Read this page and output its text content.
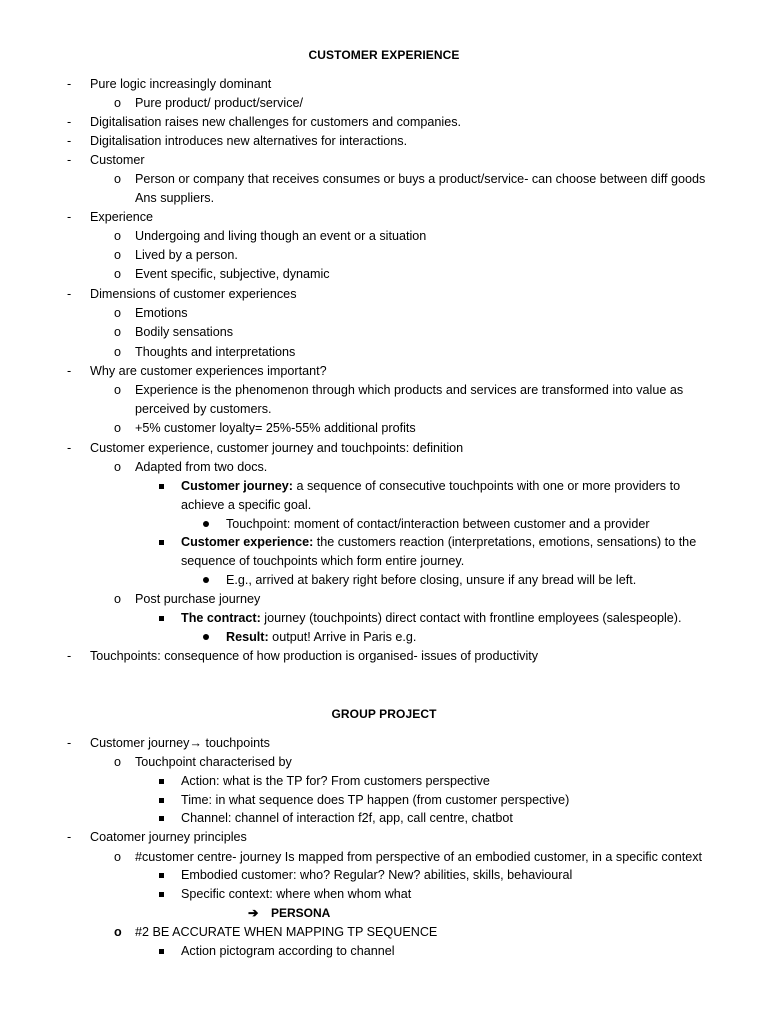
CUSTOMER EXPERIENCE
- Pure logic increasingly dominant
o Pure product/ product/service/
- Digitalisation raises new challenges for customers and companies.
- Digitalisation introduces new alternatives for interactions.
- Customer
o Person or company that receives consumes or buys a product/service- can choose between diff goods
Ans suppliers.
- Experience
o Undergoing and living though an event or a situation
o Lived by a person.
o Event specific, subjective, dynamic
- Dimensions of customer experiences
o Emotions
o Bodily sensations
o Thoughts and interpretations
- Why are customer experiences important?
o Experience is the phenomenon through which products and services are transformed into value as
perceived by customers.
o +5% customer loyalty= 25%-55% additional profits
- Customer experience, customer journey and touchpoints: definition
o Adapted from two docs.
Customer journey: a sequence of consecutive touchpoints with one or more providers to
achieve a specific goal.
Touchpoint: moment of contact/interaction between customer and a provider
Customer experience: the customers reaction (interpretations, emotions, sensations) to the
sequence of touchpoints which form entire journey.
E.g., arrived at bakery right before closing, unsure if any bread will be left.
o Post purchase journey
The contract: journey (touchpoints) direct contact with frontline employees (salespeople).
Result: output! Arrive in Paris e.g.
- Touchpoints: consequence of how production is organised- issues of productivity
GROUP PROJECT
- Customer journey→ touchpoints
o Touchpoint characterised by
Action: what is the TP for? From customers perspective
Time: in what sequence does TP happen (from customer perspective)
Channel: channel of interaction f2f, app, call centre, chatbot
- Coatomer journey principles
o #customer centre- journey Is mapped from perspective of an embodied customer, in a specific context
Embodied customer: who? Regular? New? abilities, skills, behavioural
Specific context: where when whom what
➔ PERSONA
o #2 BE ACCURATE WHEN MAPPING TP SEQUENCE
Action pictogram according to channel
